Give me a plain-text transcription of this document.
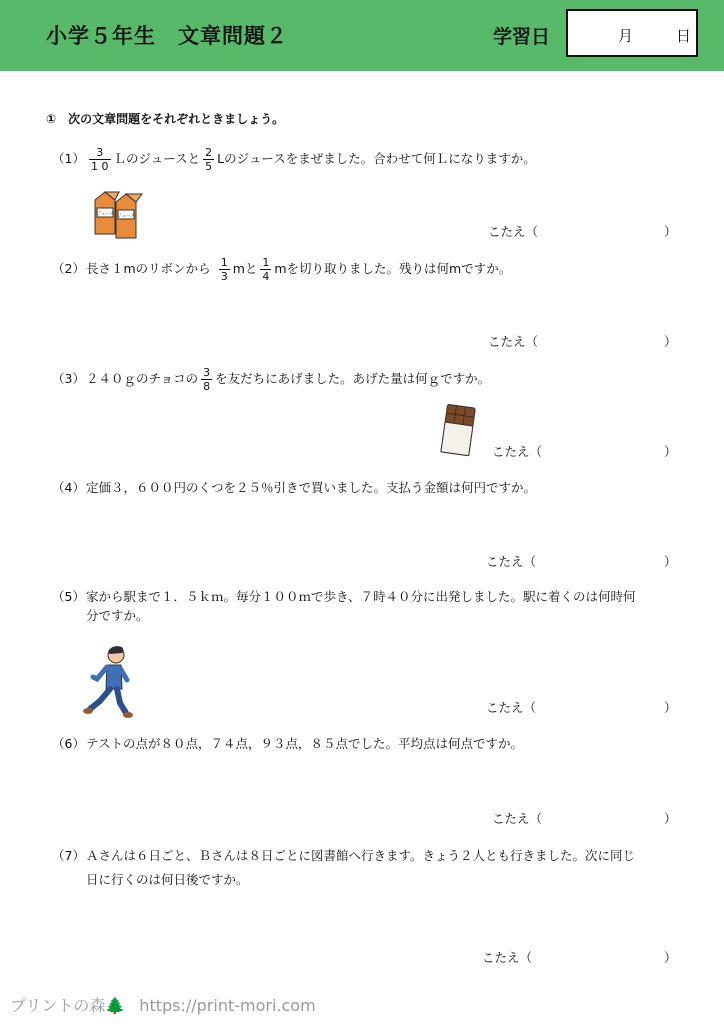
小学５年生　文章問題２	学習日	月	日
①　次の文章問題をそれぞれときましょう。
$(1) \frac{3}{1 0}$ Ｌのジュースと $\frac{2}{5}$ Lのジュースをまぜました。合わせて何Ｌになりますか。
ジュース ジュース
こたえ（	）
（2）長さ１mのリボンから $\frac{1}{3}$ mと $\frac{1}{4}$ mを切り取りました。残りは何mですか。
こたえ（	）
（3）２４０ｇのチョコの $\frac{3}{8}$ を友だちにあげました。あげた量は何ｇですか。
こたえ（	）
（4）定価３，６００円のくつを２５％引きで買いました。支払う金額は何円ですか。
こたえ（	）
（5）家から駅まで１．５ｋｍ。毎分１００ｍで歩き、７時４０分に出発しました。駅に着くのは何時何
分ですか。
こたえ（	）
（6）テストの点が８０点，７４点，９３点，８５点でした。平均点は何点ですか。
こたえ（	）
（7）Ａさんは６日ごと、Ｂさんは８日ごとに図書館へ行きます。きょう２人とも行きました。次に同じ
日に行くのは何日後ですか。
こたえ（	）
プリントの森🌲 https://print-mori.com
